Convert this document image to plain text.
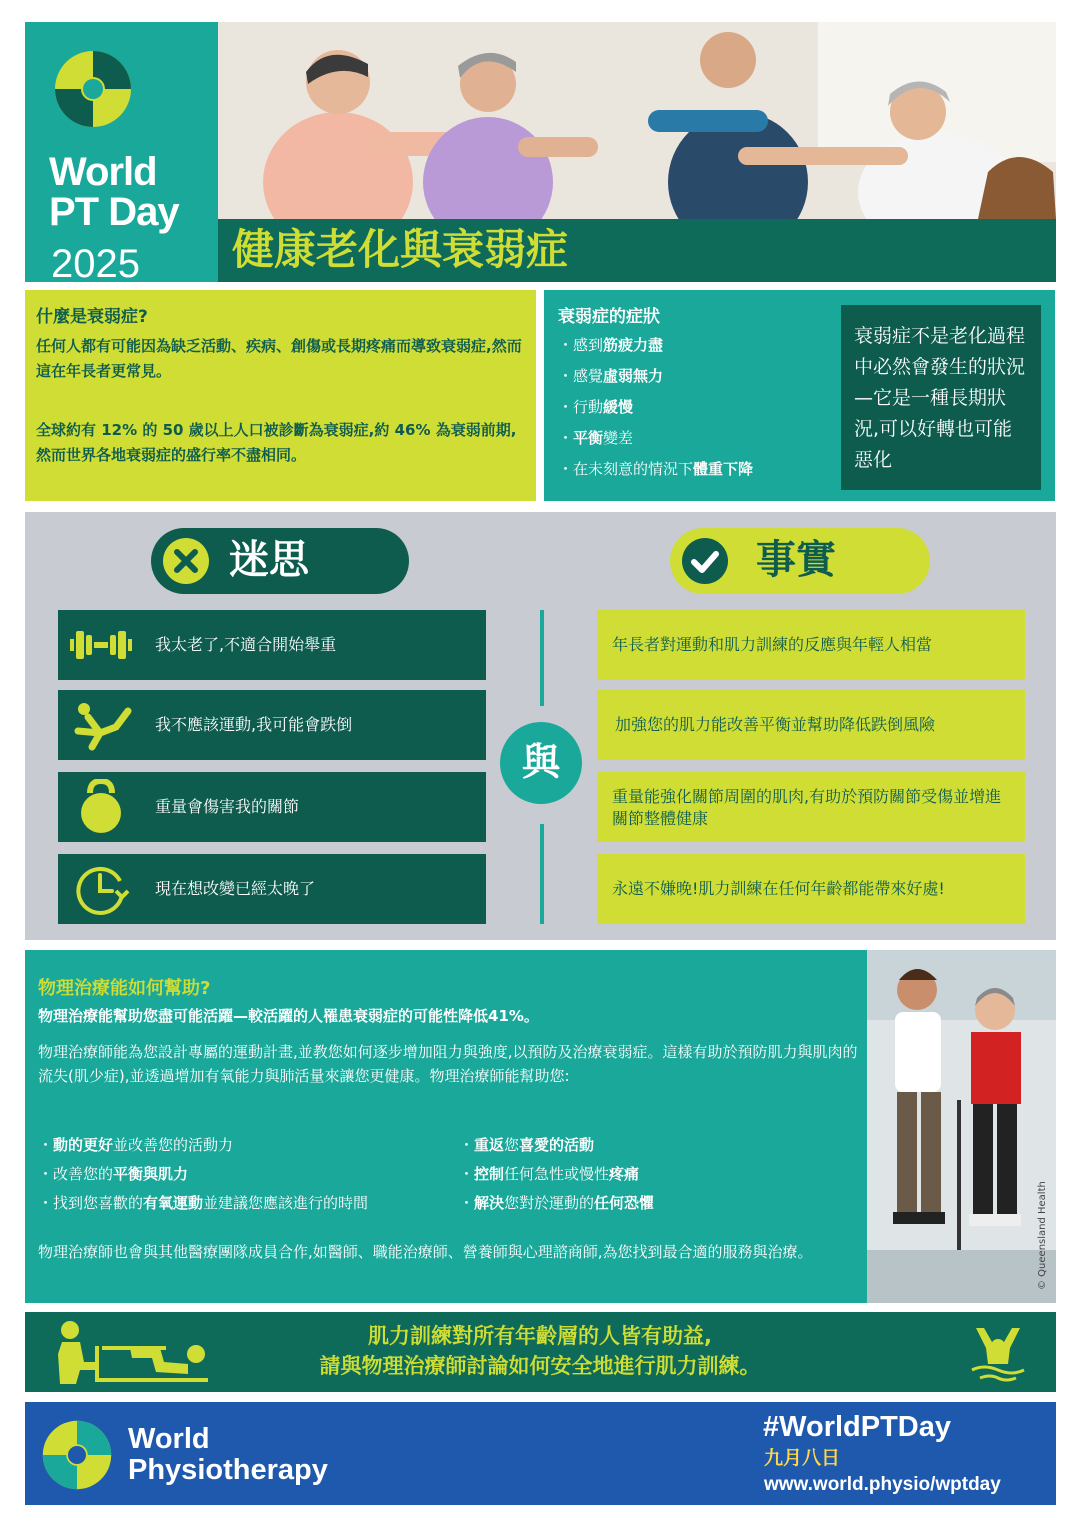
World
PT Day
2025 健康老化與衰弱症
什麼是衰弱症?

任何人都有可能因為缺乏活動、疾病、創傷或長期疼痛而導致衰弱症,然而這在年長者更常見。

全球約有 12% 的 50 歲以上人口被診斷為衰弱症,約 46% 為衰弱前期,然而世界各地衰弱症的盛行率不盡相同。

衰弱症的症狀
・感到筋疲力盡
・感覺虛弱無力
・行動緩慢
・平衡變差
・在未刻意的情況下體重下降
衰弱症不是老化過程中必然會發生的狀況—它是一種長期狀況,可以好轉也可能惡化
迷思	事實
我太老了,不適合開始舉重
我不應該運動,我可能會跌倒
重量會傷害我的關節
現在想改變已經太晚了
與
年長者對運動和肌力訓練的反應與年輕人相當
加強您的肌力能改善平衡並幫助降低跌倒風險
重量能強化關節周圍的肌肉,有助於預防關節受傷並增進關節整體健康
永遠不嫌晚!肌力訓練在任何年齡都能帶來好處!
物理治療能如何幫助?
物理治療能幫助您盡可能活躍—較活躍的人罹患衰弱症的可能性降低41%。
物理治療師能為您設計專屬的運動計畫,並教您如何逐步增加阻力與強度,以預防及治療衰弱症。這樣有助於預防肌力與肌肉的流失(肌少症),並透過增加有氧能力與肺活量來讓您更健康。物理治療師能幫助您:
・動的更好並改善您的活動力
・改善您的平衡與肌力
・找到您喜歡的有氧運動並建議您應該進行的時間
・重返您喜愛的活動
・控制任何急性或慢性疼痛
・解決您對於運動的任何恐懼
物理治療師也會與其他醫療團隊成員合作,如醫師、職能治療師、營養師與心理諮商師,為您找到最合適的服務與治療。	© Queensland Health
肌力訓練對所有年齡層的人皆有助益,
請與物理治療師討論如何安全地進行肌力訓練。
World
Physiotherapy
#WorldPTDay
九月八日
www.world.physio/wptday
